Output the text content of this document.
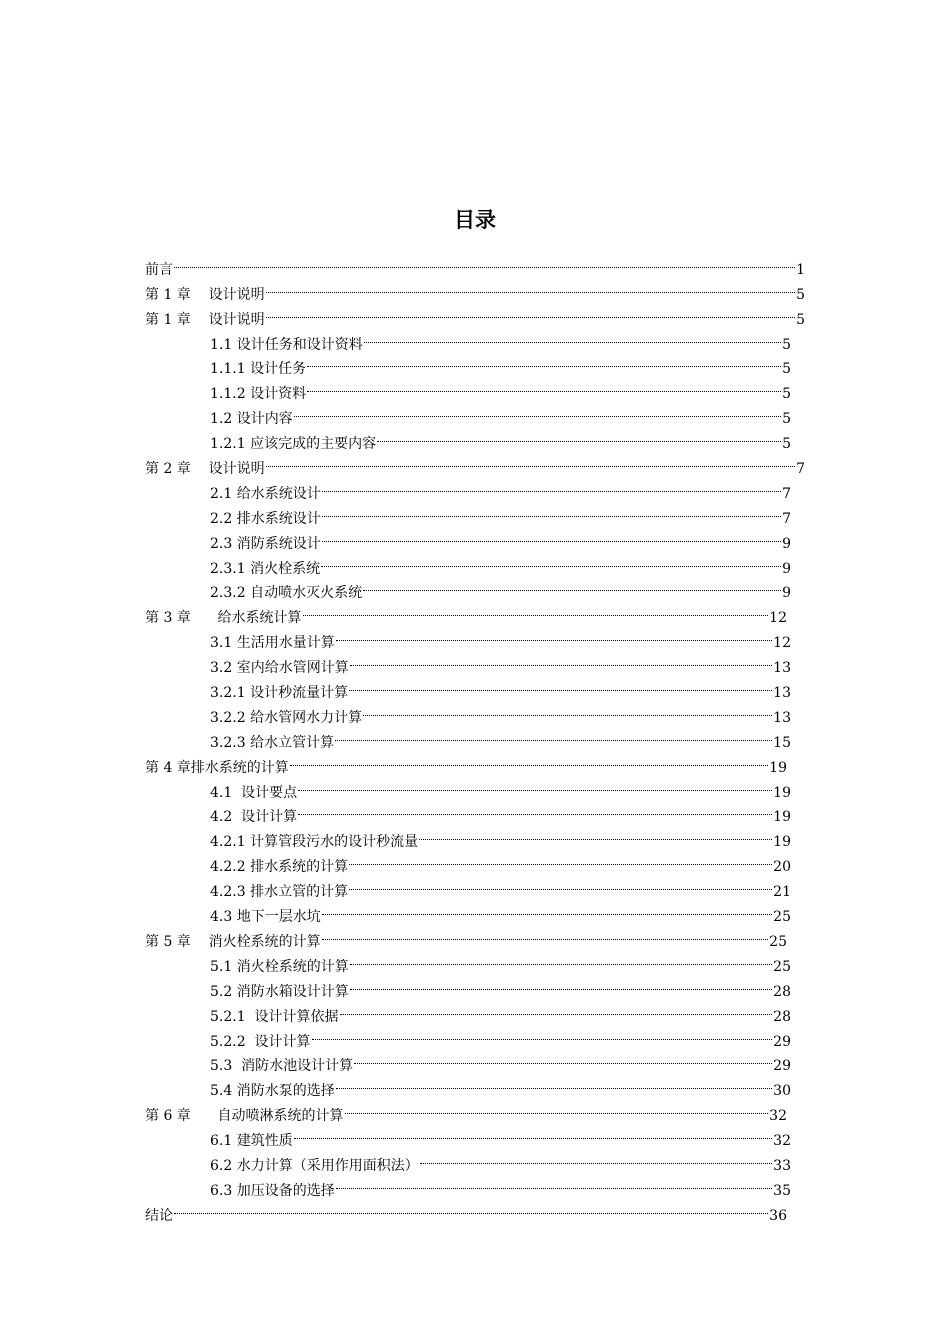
目录
前言	1
第 1 章    设计说明	5
第 1 章    设计说明	5
1.1 设计任务和设计资料	5
1.1.1 设计任务	5
1.1.2 设计资料	5
1.2 设计内容	5
1.2.1 应该完成的主要内容	5
第 2 章    设计说明	7
2.1 给水系统设计	7
2.2 排水系统设计	7
2.3 消防系统设计	9
2.3.1 消火栓系统	9
2.3.2 自动喷水灭火系统	9
第 3 章      给水系统计算	12
3.1 生活用水量计算	12
3.2 室内给水管网计算	13
3.2.1 设计秒流量计算	13
3.2.2 给水管网水力计算	13
3.2.3 给水立管计算	15
第 4 章排水系统的计算	19
4.1  设计要点	19
4.2  设计计算	19
4.2.1 计算管段污水的设计秒流量	19
4.2.2 排水系统的计算	20
4.2.3 排水立管的计算	21
4.3 地下一层水坑	25
第 5 章    消火栓系统的计算	25
5.1 消火栓系统的计算	25
5.2 消防水箱设计计算	28
5.2.1  设计计算依据	28
5.2.2  设计计算	29
5.3  消防水池设计计算	29
5.4 消防水泵的选择	30
第 6 章      自动喷淋系统的计算	32
6.1 建筑性质	32
6.2 水力计算（采用作用面积法）	33
6.3 加压设备的选择	35
结论	36
